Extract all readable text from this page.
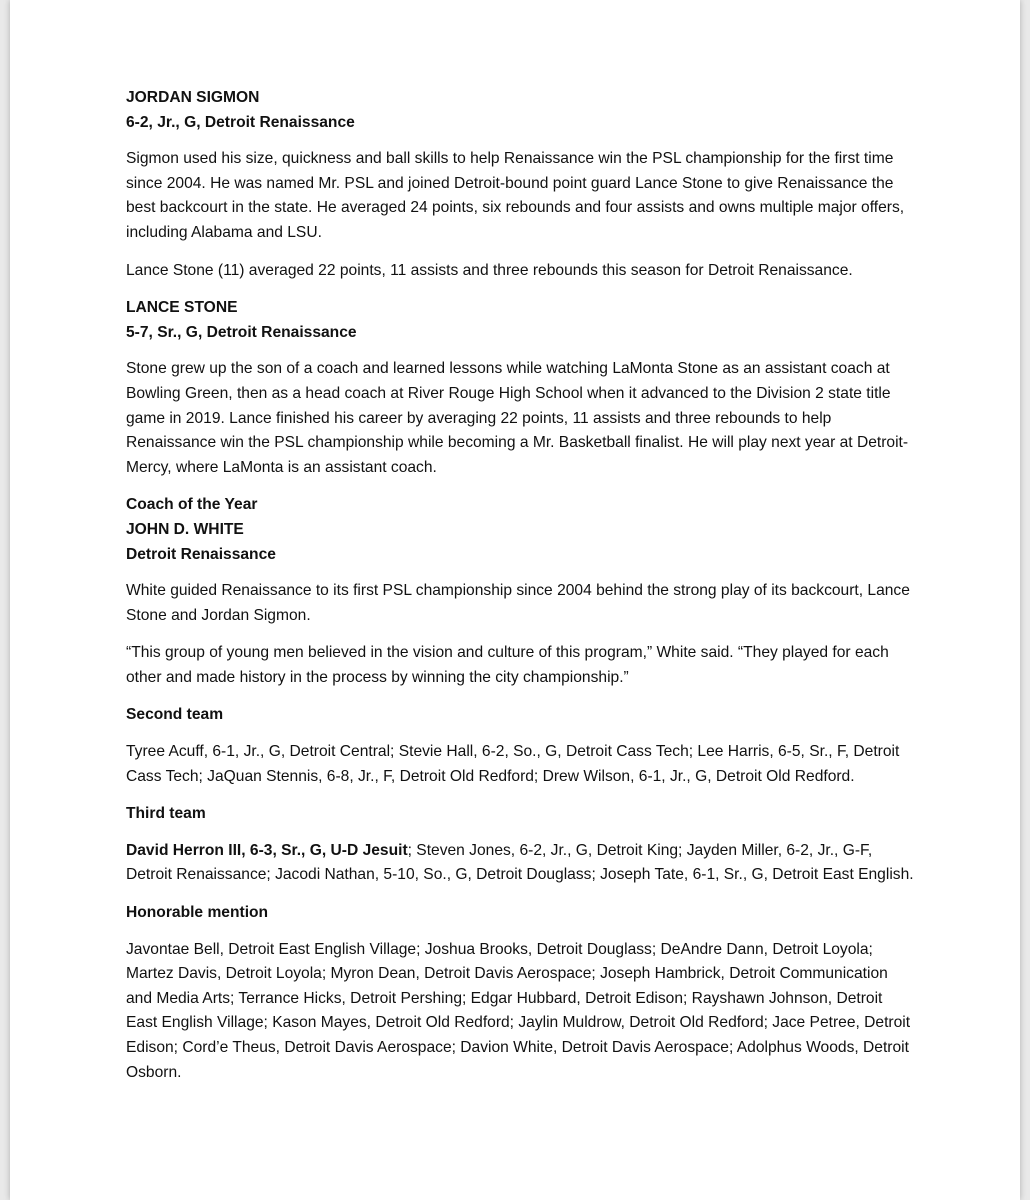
JORDAN SIGMON
6-2, Jr., G, Detroit Renaissance

Sigmon used his size, quickness and ball skills to help Renaissance win the PSL championship for the first time since 2004. He was named Mr. PSL and joined Detroit-bound point guard Lance Stone to give Renaissance the best backcourt in the state. He averaged 24 points, six rebounds and four assists and owns multiple major offers, including Alabama and LSU.

Lance Stone (11) averaged 22 points, 11 assists and three rebounds this season for Detroit Renaissance.

LANCE STONE
5-7, Sr., G, Detroit Renaissance

Stone grew up the son of a coach and learned lessons while watching LaMonta Stone as an assistant coach at Bowling Green, then as a head coach at River Rouge High School when it advanced to the Division 2 state title game in 2019. Lance finished his career by averaging 22 points, 11 assists and three rebounds to help Renaissance win the PSL championship while becoming a Mr. Basketball finalist. He will play next year at Detroit-Mercy, where LaMonta is an assistant coach.

Coach of the Year
JOHN D. WHITE
Detroit Renaissance

White guided Renaissance to its first PSL championship since 2004 behind the strong play of its backcourt, Lance Stone and Jordan Sigmon.

“This group of young men believed in the vision and culture of this program,” White said. “They played for each other and made history in the process by winning the city championship.”

Second team

Tyree Acuff, 6-1, Jr., G, Detroit Central; Stevie Hall, 6-2, So., G, Detroit Cass Tech; Lee Harris, 6-5, Sr., F, Detroit Cass Tech; JaQuan Stennis, 6-8, Jr., F, Detroit Old Redford; Drew Wilson, 6-1, Jr., G, Detroit Old Redford.

Third team

David Herron III, 6-3, Sr., G, U-D Jesuit; Steven Jones, 6-2, Jr., G, Detroit King; Jayden Miller, 6-2, Jr., G-F, Detroit Renaissance; Jacodi Nathan, 5-10, So., G, Detroit Douglass; Joseph Tate, 6-1, Sr., G, Detroit East English.

Honorable mention

Javontae Bell, Detroit East English Village; Joshua Brooks, Detroit Douglass; DeAndre Dann, Detroit Loyola; Martez Davis, Detroit Loyola; Myron Dean, Detroit Davis Aerospace; Joseph Hambrick, Detroit Communication and Media Arts; Terrance Hicks, Detroit Pershing; Edgar Hubbard, Detroit Edison; Rayshawn Johnson, Detroit East English Village; Kason Mayes, Detroit Old Redford; Jaylin Muldrow, Detroit Old Redford; Jace Petree, Detroit Edison; Cord’e Theus, Detroit Davis Aerospace; Davion White, Detroit Davis Aerospace; Adolphus Woods, Detroit Osborn.
